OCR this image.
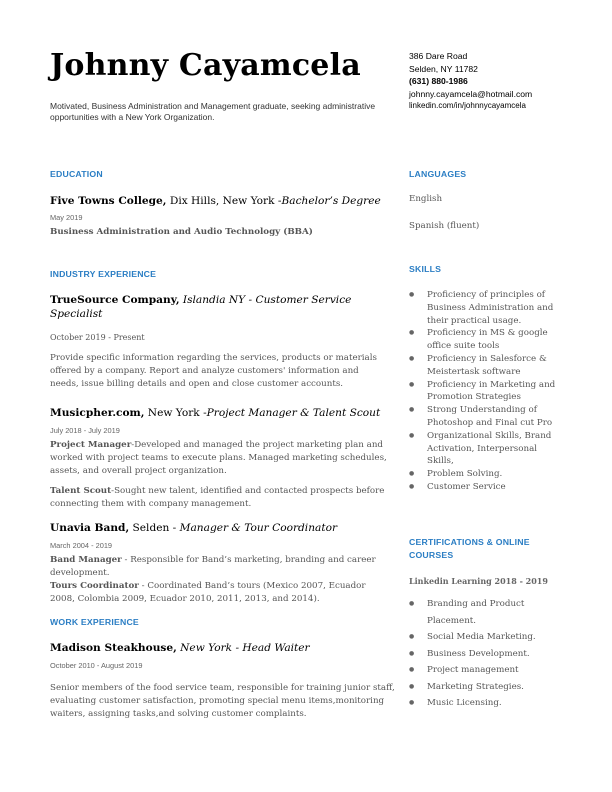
Johnny Cayamcela
Motivated, Business Administration and Management graduate, seeking administrative opportunities with a New York Organization.
386 Dare Road
Selden, NY 11782
(631) 880-1986
johnny.cayamcela@hotmail.com
linkedin.com/in/johnnycayamcela
EDUCATION
Five Towns College, Dix Hills, New York -Bachelor’s Degree
May 2019
Business Administration and Audio Technology (BBA)
INDUSTRY EXPERIENCE
TrueSource Company, Islandia NY - Customer Service
Specialist
October 2019 - Present
Provide specific information regarding the services, products or materials offered by a company. Report and analyze customers' information and needs, issue billing details and open and close customer accounts.
Musicpher.com, New York -Project Manager & Talent Scout
July 2018 - July 2019
Project Manager-Developed and managed the project marketing plan and worked with project teams to execute plans. Managed marketing schedules, assets, and overall project organization.
Talent Scout-Sought new talent, identified and contacted prospects before connecting them with company management.
Unavia Band, Selden - Manager & Tour Coordinator
March 2004 - 2019
Band Manager - Responsible for Band’s marketing, branding and career development.
Tours Coordinator - Coordinated Band’s tours (Mexico 2007, Ecuador 2008, Colombia 2009, Ecuador 2010, 2011, 2013, and 2014).
WORK EXPERIENCE
Madison Steakhouse, New York - Head Waiter
October 2010 - August 2019
Senior members of the food service team, responsible for training junior staff, evaluating customer satisfaction, promoting special menu items,monitoring waiters, assigning tasks,and solving customer complaints.
LANGUAGES
English
Spanish (fluent)
SKILLS
● Proficiency of principles of Business Administration and their practical usage.
● Proficiency in MS & google office suite tools
● Proficiency in Salesforce & Meistertask software
● Proficiency in Marketing and Promotion Strategies
● Strong Understanding of Photoshop and Final cut Pro
● Organizational Skills, Brand Activation, Interpersonal Skills,
● Problem Solving.
● Customer Service
CERTIFICATIONS & ONLINE
COURSES
Linkedin Learning 2018 - 2019
● Branding and Product Placement.
● Social Media Marketing.
● Business Development.
● Project management
● Marketing Strategies.
● Music Licensing.
